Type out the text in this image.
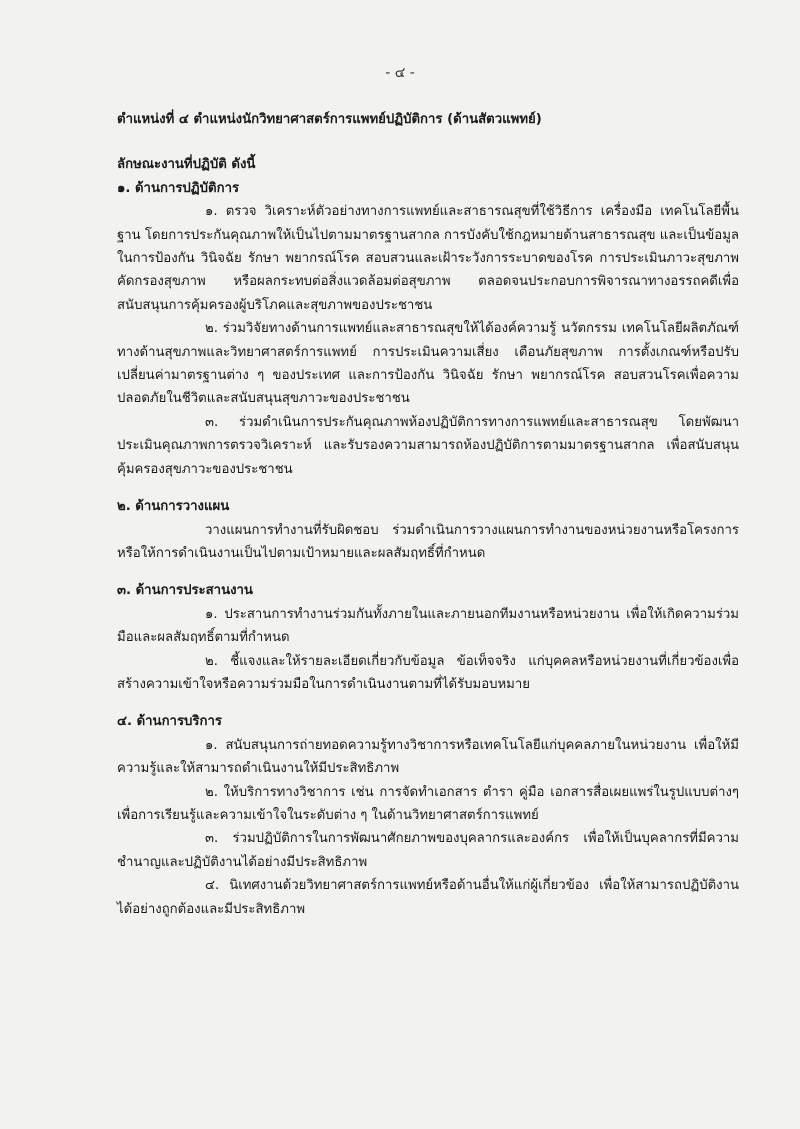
- ๔ -

ตำแหน่งที่ ๔ ตำแหน่งนักวิทยาศาสตร์การแพทย์ปฏิบัติการ (ด้านสัตวแพทย์)

ลักษณะงานที่ปฏิบัติ ดังนี้

๑. ด้านการปฏิบัติการ

๑. ตรวจ วิเคราะห์ตัวอย่างทางการแพทย์และสาธารณสุขที่ใช้วิธีการ เครื่องมือ เทคโนโลยีพื้นฐาน โดยการประกันคุณภาพให้เป็นไปตามมาตรฐานสากล การบังคับใช้กฎหมายด้านสาธารณสุข และเป็นข้อมูลในการป้องกัน วินิจฉัย รักษา พยากรณ์โรค สอบสวนและเฝ้าระวังการระบาดของโรค การประเมินภาวะสุขภาพ คัดกรองสุขภาพ หรือผลกระทบต่อสิ่งแวดล้อมต่อสุขภาพ ตลอดจนประกอบการพิจารณาทางอรรถคดีเพื่อสนับสนุนการคุ้มครองผู้บริโภคและสุขภาพของประชาชน

๒. ร่วมวิจัยทางด้านการแพทย์และสาธารณสุขให้ได้องค์ความรู้ นวัตกรรม เทคโนโลยีผลิตภัณฑ์ทางด้านสุขภาพและวิทยาศาสตร์การแพทย์ การประเมินความเสี่ยง เตือนภัยสุขภาพ การตั้งเกณฑ์หรือปรับเปลี่ยนค่ามาตรฐานต่าง ๆ ของประเทศ และการป้องกัน วินิจฉัย รักษา พยากรณ์โรค สอบสวนโรคเพื่อความปลอดภัยในชีวิตและสนับสนุนสุขภาวะของประชาชน

๓. ร่วมดำเนินการประกันคุณภาพห้องปฏิบัติการทางการแพทย์และสาธารณสุข โดยพัฒนาประเมินคุณภาพการตรวจวิเคราะห์ และรับรองความสามารถห้องปฏิบัติการตามมาตรฐานสากล เพื่อสนับสนุนคุ้มครองสุขภาวะของประชาชน

๒. ด้านการวางแผน

วางแผนการทำงานที่รับผิดชอบ ร่วมดำเนินการวางแผนการทำงานของหน่วยงานหรือโครงการหรือให้การดำเนินงานเป็นไปตามเป้าหมายและผลสัมฤทธิ์ที่กำหนด

๓. ด้านการประสานงาน

๑. ประสานการทำงานร่วมกันทั้งภายในและภายนอกทีมงานหรือหน่วยงาน เพื่อให้เกิดความร่วมมือและผลสัมฤทธิ์ตามที่กำหนด

๒. ชี้แจงและให้รายละเอียดเกี่ยวกับข้อมูล ข้อเท็จจริง แก่บุคคลหรือหน่วยงานที่เกี่ยวข้องเพื่อสร้างความเข้าใจหรือความร่วมมือในการดำเนินงานตามที่ได้รับมอบหมาย

๔. ด้านการบริการ

๑. สนับสนุนการถ่ายทอดความรู้ทางวิชาการหรือเทคโนโลยีแก่บุคคลภายในหน่วยงาน เพื่อให้มีความรู้และให้สามารถดำเนินงานให้มีประสิทธิภาพ

๒. ให้บริการทางวิชาการ เช่น การจัดทำเอกสาร ตำรา คู่มือ เอกสารสื่อเผยแพร่ในรูปแบบต่างๆ เพื่อการเรียนรู้และความเข้าใจในระดับต่าง ๆ ในด้านวิทยาศาสตร์การแพทย์

๓. ร่วมปฏิบัติการในการพัฒนาศักยภาพของบุคลากรและองค์กร เพื่อให้เป็นบุคลากรที่มีความชำนาญและปฏิบัติงานได้อย่างมีประสิทธิภาพ

๔. นิเทศงานด้วยวิทยาศาสตร์การแพทย์หรือด้านอื่นให้แก่ผู้เกี่ยวข้อง เพื่อให้สามารถปฏิบัติงานได้อย่างถูกต้องและมีประสิทธิภาพ
